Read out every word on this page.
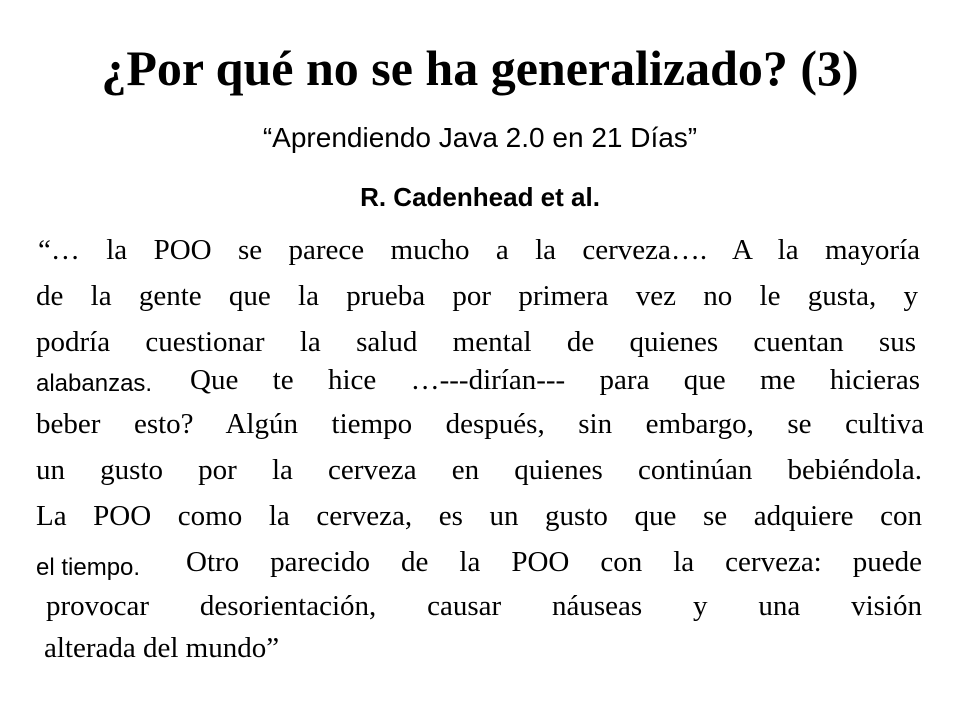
¿Por qué no se ha generalizado? (3)
“Aprendiendo Java 2.0 en 21 Días”
R. Cadenhead et al.
“… la POO se parece mucho a la cerveza…. A la mayoría
de la gente que la prueba por primera vez no le gusta, y
podría cuestionar la salud mental de quienes cuentan sus
alabanzas. Que te hice …---dirían--- para que me hicieras
beber esto? Algún tiempo después, sin embargo, se cultiva
un gusto por la cerveza en quienes continúan bebiéndola.
La POO como la cerveza, es un gusto que se adquiere con
el tiempo. Otro parecido de la POO con la cerveza: puede
provocar desorientación, causar náuseas y una visión
alterada del mundo”
